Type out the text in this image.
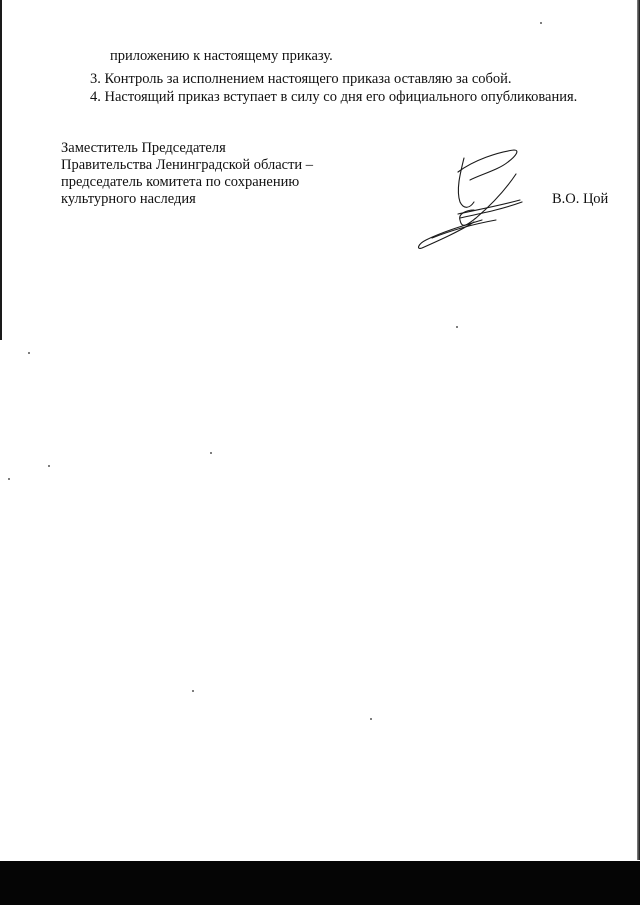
приложению к настоящему приказу.
3. Контроль за исполнением настоящего приказа оставляю за собой.
4. Настоящий приказ вступает в силу со дня его официального опубликования.
Заместитель Председателя
Правительства Ленинградской области –
председатель комитета по сохранению
культурного наследия	В.О. Цой
